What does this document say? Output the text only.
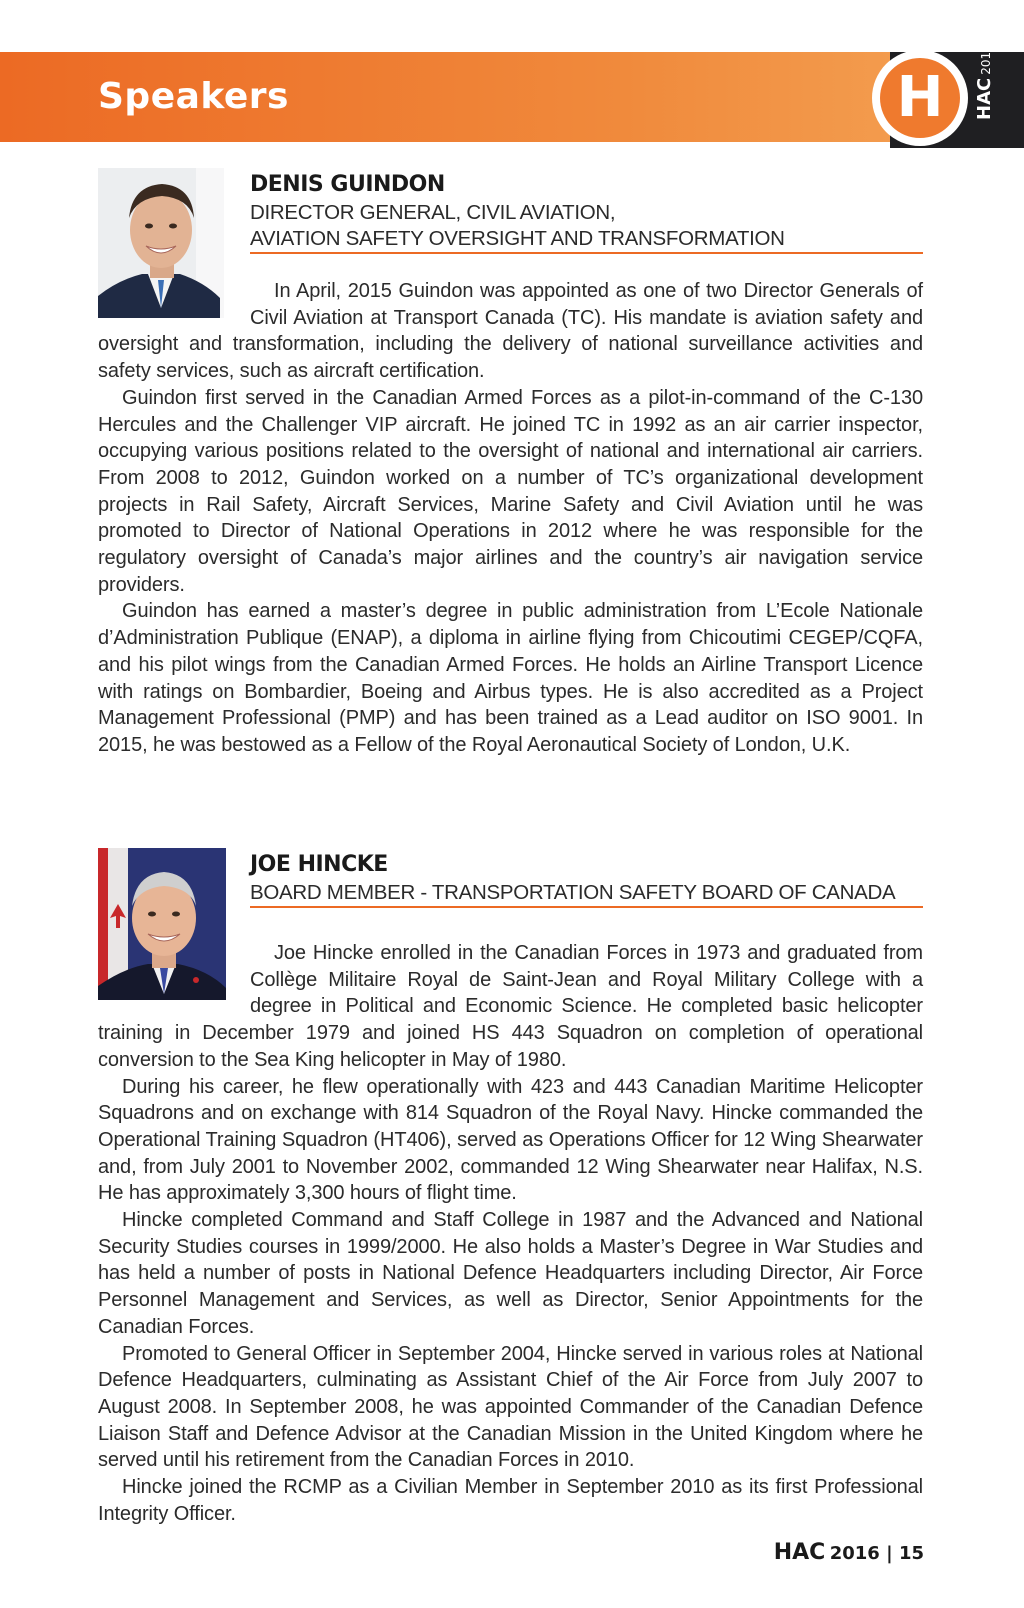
Speakers	H HAC2016
DENIS GUINDON
DIRECTOR GENERAL, CIVIL AVIATION,
AVIATION SAFETY OVERSIGHT AND TRANSFORMATION

In April, 2015 Guindon was appointed as one of two Director Generals of Civil Aviation at Transport Canada (TC). His mandate is aviation safety and oversight and transformation, including the delivery of national surveillance activities and safety services, such as aircraft certification.

Guindon first served in the Canadian Armed Forces as a pilot-in-command of the C-130 Hercules and the Challenger VIP aircraft. He joined TC in 1992 as an air carrier inspector, occupying various positions related to the oversight of national and international air carriers. From 2008 to 2012, Guindon worked on a number of TC’s organizational development projects in Rail Safety, Aircraft Services, Marine Safety and Civil Aviation until he was promoted to Director of National Operations in 2012 where he was responsible for the regulatory oversight of Canada’s major airlines and the country’s air navigation service providers.

Guindon has earned a master’s degree in public administration from L’Ecole Nationale d’Administration Publique (ENAP), a diploma in airline flying from Chicoutimi CEGEP/CQFA, and his pilot wings from the Canadian Armed Forces. He holds an Airline Transport Licence with ratings on Bombardier, Boeing and Airbus types. He is also accredited as a Project Management Professional (PMP) and has been trained as a Lead auditor on ISO 9001. In 2015, he was bestowed as a Fellow of the Royal Aeronautical Society of London, U.K.

JOE HINCKE
BOARD MEMBER - TRANSPORTATION SAFETY BOARD OF CANADA

Joe Hincke enrolled in the Canadian Forces in 1973 and graduated from Collège Militaire Royal de Saint-Jean and Royal Military College with a degree in Political and Economic Science. He completed basic helicopter training in December 1979 and joined HS 443 Squadron on completion of operational conversion to the Sea King helicopter in May of 1980.

During his career, he flew operationally with 423 and 443 Canadian Maritime Helicopter Squadrons and on exchange with 814 Squadron of the Royal Navy. Hincke commanded the Operational Training Squadron (HT406), served as Operations Officer for 12 Wing Shearwater and, from July 2001 to November 2002, commanded 12 Wing Shearwater near Halifax, N.S. He has approximately 3,300 hours of flight time.

Hincke completed Command and Staff College in 1987 and the Advanced and National Security Studies courses in 1999/2000. He also holds a Master’s Degree in War Studies and has held a number of posts in National Defence Headquarters including Director, Air Force Personnel Management and Services, as well as Director, Senior Appointments for the Canadian Forces.

Promoted to General Officer in September 2004, Hincke served in various roles at National Defence Headquarters, culminating as Assistant Chief of the Air Force from July 2007 to August 2008. In September 2008, he was appointed Commander of the Canadian Defence Liaison Staff and Defence Advisor at the Canadian Mission in the United Kingdom where he served until his retirement from the Canadian Forces in 2010.

Hincke joined the RCMP as a Civilian Member in September 2010 as its first Professional Integrity Officer.

HAC 2016 | 15
